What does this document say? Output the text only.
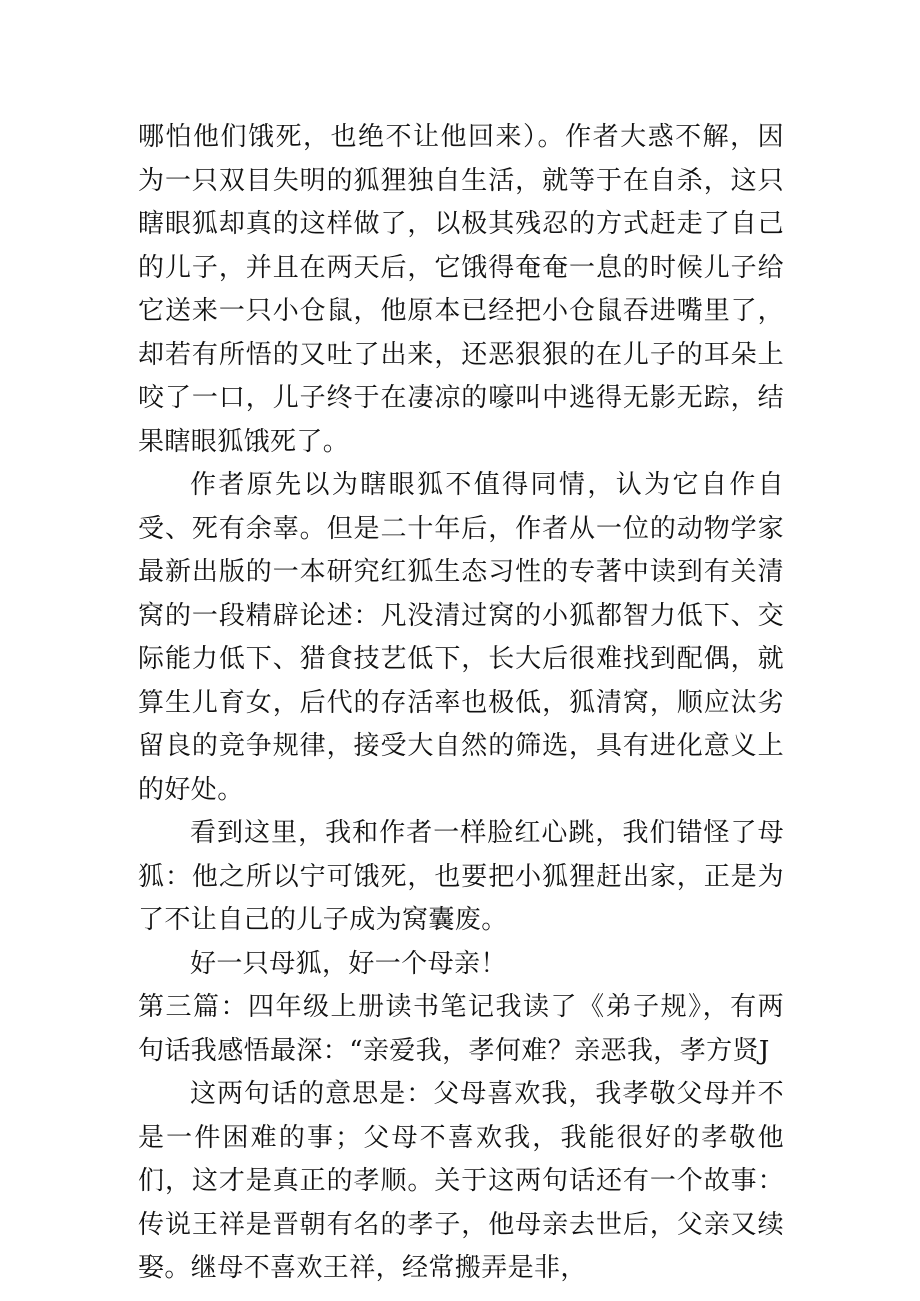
哪怕他们饿死，也绝不让他回来）。作者大惑不解，因为一只双目失明的狐狸独自生活，就等于在自杀，这只瞎眼狐却真的这样做了，以极其残忍的方式赶走了自己的儿子，并且在两天后，它饿得奄奄一息的时候儿子给它送来一只小仓鼠，他原本已经把小仓鼠吞进嘴里了，却若有所悟的又吐了出来，还恶狠狠的在儿子的耳朵上咬了一口，儿子终于在凄凉的嚎叫中逃得无影无踪，结果瞎眼狐饿死了。

作者原先以为瞎眼狐不值得同情，认为它自作自受、死有余辜。但是二十年后，作者从一位的动物学家最新出版的一本研究红狐生态习性的专著中读到有关清窝的一段精辟论述：凡没清过窝的小狐都智力低下、交际能力低下、猎食技艺低下，长大后很难找到配偶，就算生儿育女，后代的存活率也极低，狐清窝，顺应汰劣留良的竞争规律，接受大自然的筛选，具有进化意义上的好处。

看到这里，我和作者一样脸红心跳，我们错怪了母狐：他之所以宁可饿死，也要把小狐狸赶出家，正是为了不让自己的儿子成为窝囊废。

好一只母狐，好一个母亲！

第三篇：四年级上册读书笔记我读了《弟子规》，有两句话我感悟最深：“亲爱我，孝何难？亲恶我，孝方贤J

这两句话的意思是：父母喜欢我，我孝敬父母并不是一件困难的事；父母不喜欢我，我能很好的孝敬他们，这才是真正的孝顺。关于这两句话还有一个故事：传说王祥是晋朝有名的孝子，他母亲去世后，父亲又续娶。继母不喜欢王祥，经常搬弄是非，
